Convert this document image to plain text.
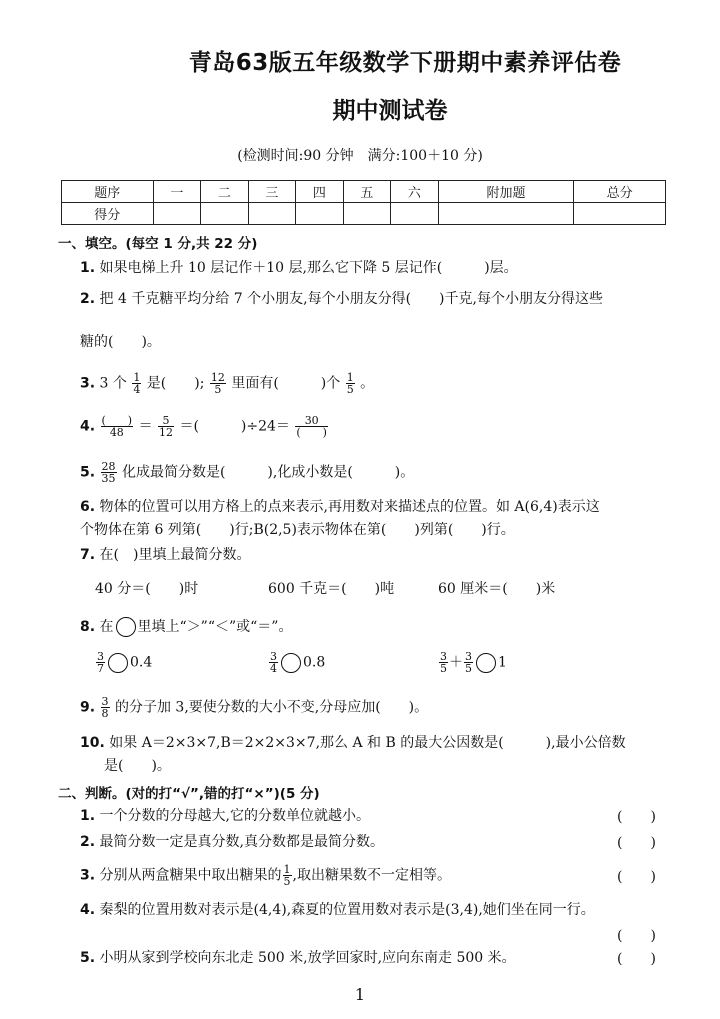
青岛63版五年级数学下册期中素养评估卷
期中测试卷
(检测时间:90 分钟　满分:100＋10 分)
题序	一	二	三	四	五	六	附加题	总分
得分								
一、填空。(每空 1 分,共 22 分)
1. 如果电梯上升 10 层记作＋10 层,那么它下降 5 层记作(　　　)层。
2. 把 4 千克糖平均分给 7 个小朋友,每个小朋友分得(　　)千克,每个小朋友分得这些
糖的(　　)。
3. 3 个 $\frac{1}{4}$ 是(　　); $\frac{12}{5}$ 里面有(　　　)个 $\frac{1}{5}$ 。
4. $\frac{( )}{48} = \frac{5}{12}$ ＝(　　　)$\div 24= \frac{30}{( )}$
5. $\frac{28}{35}$ 化成最简分数是(　　　),化成小数是(　　　)。
6. 物体的位置可以用方格上的点来表示,再用数对来描述点的位置。如 A(6,4)表示这
个物体在第 6 列第(　　)行;B(2,5)表示物体在第(　　)列第(　　)行。
7. 在(　)里填上最简分数。
40 分＝(　　)时	600 千克＝(　　)吨	60 厘米＝(　　)米
8. 在 里填上“＞”“＜”或“＝”。
$\frac{3}{7} 0.4$	$\frac{3}{4} 0.8$	$\frac{3}{5} + \frac{3}{5} 1$
9. $\frac{3}{8}$ 的分子加 3,要使分数的大小不变,分母应加(　　)。
10. 如果 A＝2×3×7,B＝2×2×3×7,那么 A 和 B 的最大公因数是(　　　),最小公倍数
是(　　)。
二、判断。(对的打“√”,错的打“×”)(5 分)
1. 一个分数的分母越大,它的分数单位就越小。	(　　)
2. 最简分数一定是真分数,真分数都是最简分数。	(　　)
3. 分别从两盒糖果中取出糖果的 $\frac{1}{5}$ ,取出糖果数不一定相等。	(　　)
4. 秦梨的位置用数对表示是(4,4),森夏的位置用数对表示是(3,4),她们坐在同一行。
(　　)
5. 小明从家到学校向东北走 500 米,放学回家时,应向东南走 500 米。	(　　)
1
